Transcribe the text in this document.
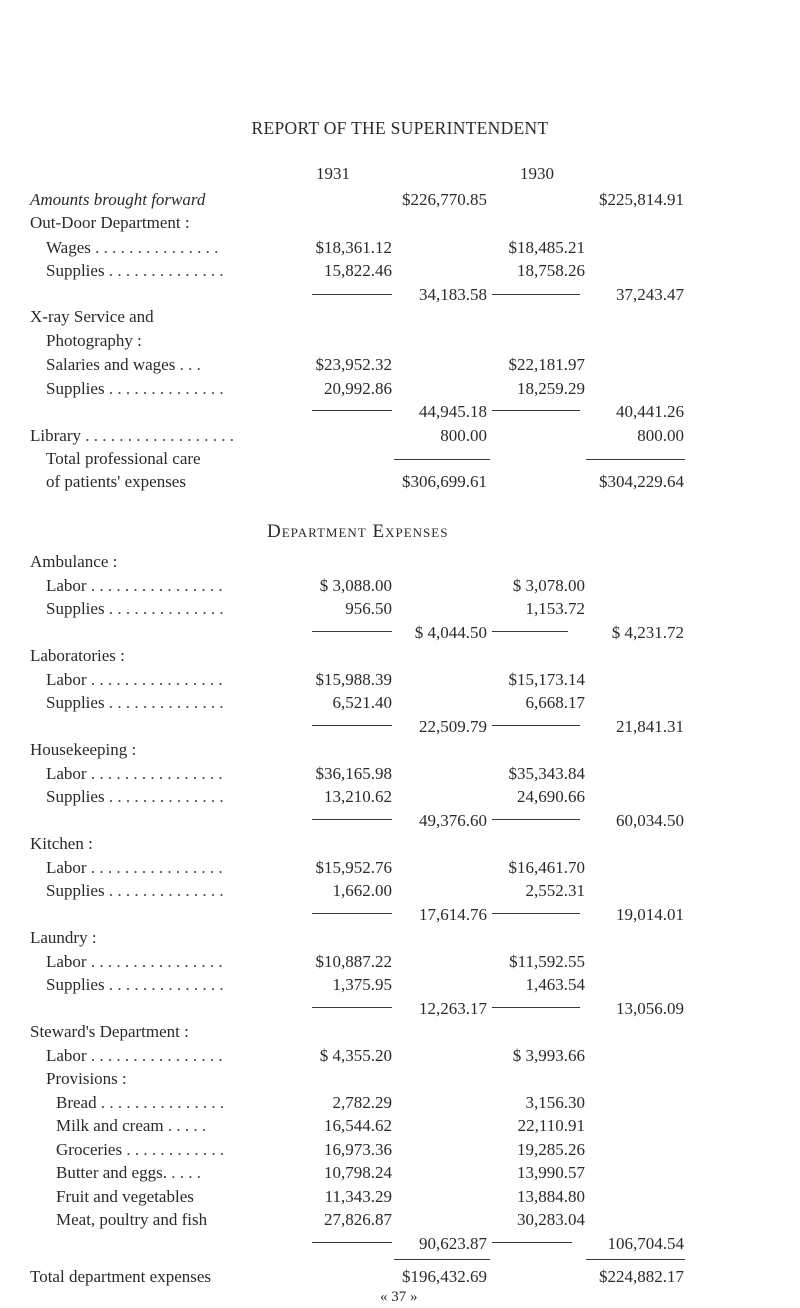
REPORT OF THE SUPERINTENDENT
1931	1930
Amounts brought forward	$226,770.85	$225,814.91
Out-Door Department :
Wages . . . . . . . . . . . . . . .	$18,361.12	$18,485.21
Supplies . . . . . . . . . . . . . .	15,822.46	18,758.26
34,183.58	37,243.47
X-ray Service and
Photography :
Salaries and wages . . .	$23,952.32	$22,181.97
Supplies . . . . . . . . . . . . . .	20,992.86	18,259.29
44,945.18	40,441.26
Library . . . . . . . . . . . . . . . . . .	800.00	800.00
Total professional care
of patients' expenses	$306,699.61	$304,229.64
Department Expenses
Ambulance :
Labor . . . . . . . . . . . . . . . .	$ 3,088.00	$ 3,078.00
Supplies . . . . . . . . . . . . . .	956.50	1,153.72
$ 4,044.50	$ 4,231.72
Laboratories :
Labor . . . . . . . . . . . . . . . .	$15,988.39	$15,173.14
Supplies . . . . . . . . . . . . . .	6,521.40	6,668.17
22,509.79	21,841.31
Housekeeping :
Labor . . . . . . . . . . . . . . . .	$36,165.98	$35,343.84
Supplies . . . . . . . . . . . . . .	13,210.62	24,690.66
49,376.60	60,034.50
Kitchen :
Labor . . . . . . . . . . . . . . . .	$15,952.76	$16,461.70
Supplies . . . . . . . . . . . . . .	1,662.00	2,552.31
17,614.76	19,014.01
Laundry :
Labor . . . . . . . . . . . . . . . .	$10,887.22	$11,592.55
Supplies . . . . . . . . . . . . . .	1,375.95	1,463.54
12,263.17	13,056.09
Steward's Department :
Labor . . . . . . . . . . . . . . . .	$ 4,355.20	$ 3,993.66
Provisions :
Bread . . . . . . . . . . . . . . .	2,782.29	3,156.30
Milk and cream . . . . .	16,544.62	22,110.91
Groceries . . . . . . . . . . . .	16,973.36	19,285.26
Butter and eggs. . . . .	10,798.24	13,990.57
Fruit and vegetables	11,343.29	13,884.80
Meat, poultry and fish	27,826.87	30,283.04
90,623.87	106,704.54
Total department expenses	$196,432.69	$224,882.17
« 37 »
